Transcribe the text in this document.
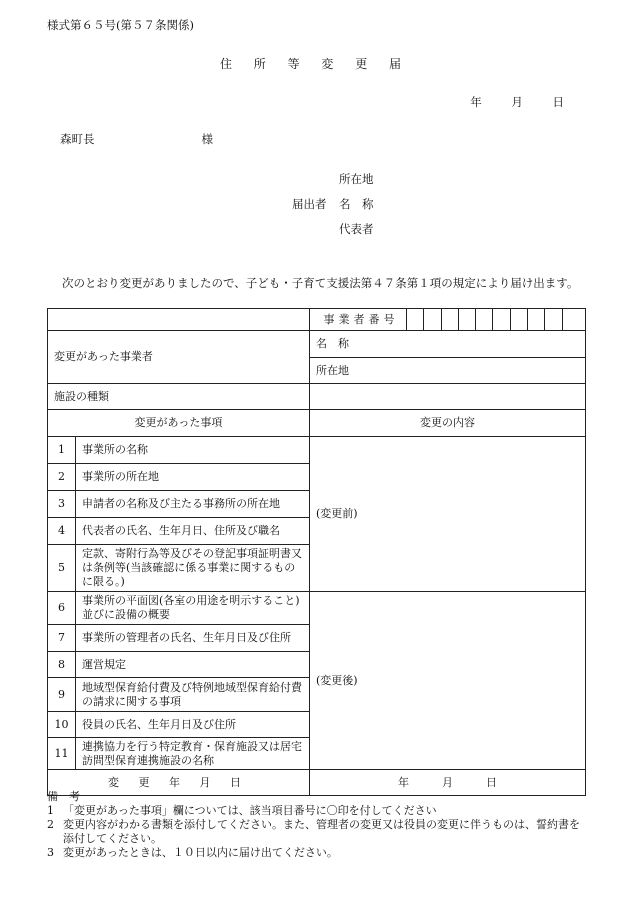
様式第６５号(第５７条関係)
住 所 等 変 更 届
年	月	日
森町長	様
所在地
届出者 名　称
代表者
次のとおり変更がありましたので、子ども・子育て支援法第４７条第１項の規定により届け出ます。

		事業者番号

変更があった事業者		名　称
		所在地
施設の種類		
変更があった事項		変更の内容
1	事業所の名称	(変更前)
2	事業所の所在地	
3	申請者の名称及び主たる事務所の所在地	
4	代表者の氏名、生年月日、住所及び職名	
5	定款、寄附行為等及びその登記事項証明書又は条例等(当該確認に係る事業に関するものに限る。)	
6	事業所の平面図(各室の用途を明示すること)並びに設備の概要	(変更後)
7	事業所の管理者の氏名、生年月日及び住所	
8	運営規定	
9	地域型保育給付費及び特例地域型保育給付費の請求に関する事項	
10	役員の氏名、生年月日及び住所	
11	連携協力を行う特定教育・保育施設又は居宅訪問型保育連携施設の名称	
変 更 年 月 日		年　　　月　　　日
備　考
1 「変更があった事項」欄については、該当項目番号に〇印を付してください
2 変更内容がわかる書類を添付してください。また、管理者の変更又は役員の変更に伴うものは、誓約書を添付してください。
3 変更があったときは、１０日以内に届け出てください。
